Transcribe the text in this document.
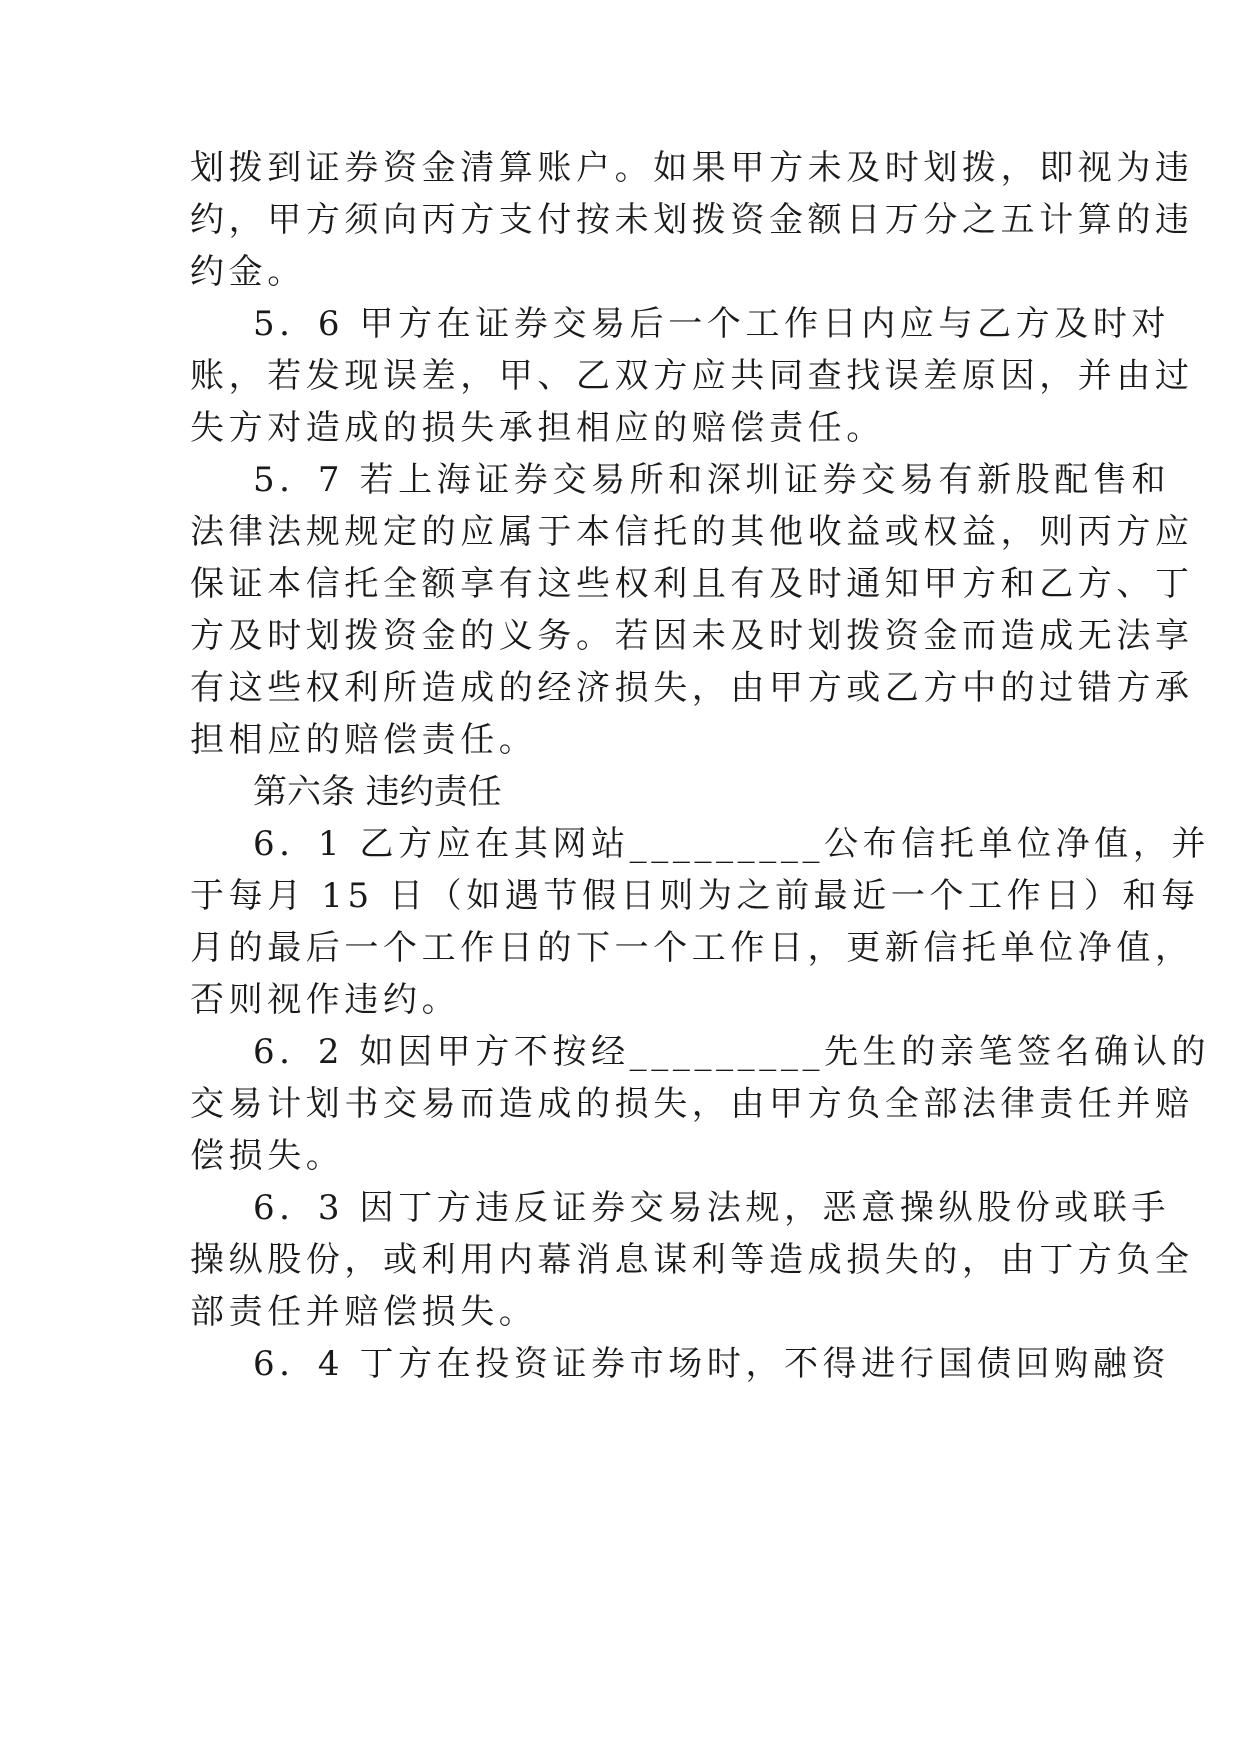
划拨到证券资金清算账户。如果甲方未及时划拨，即视为违
约，甲方须向丙方支付按未划拨资金额日万分之五计算的违
约金。
5．6 甲方在证券交易后一个工作日内应与乙方及时对
账，若发现误差，甲、乙双方应共同查找误差原因，并由过
失方对造成的损失承担相应的赔偿责任。
5．7 若上海证券交易所和深圳证券交易有新股配售和
法律法规规定的应属于本信托的其他收益或权益，则丙方应
保证本信托全额享有这些权利且有及时通知甲方和乙方、丁
方及时划拨资金的义务。若因未及时划拨资金而造成无法享
有这些权利所造成的经济损失，由甲方或乙方中的过错方承
担相应的赔偿责任。
第六条 违约责任
6．1 乙方应在其网站_________公布信托单位净值，并
于每月 15 日（如遇节假日则为之前最近一个工作日）和每
月的最后一个工作日的下一个工作日，更新信托单位净值，
否则视作违约。
6．2 如因甲方不按经_________先生的亲笔签名确认的
交易计划书交易而造成的损失，由甲方负全部法律责任并赔
偿损失。
6．3 因丁方违反证券交易法规，恶意操纵股份或联手
操纵股份，或利用内幕消息谋利等造成损失的，由丁方负全
部责任并赔偿损失。
6．4 丁方在投资证券市场时，不得进行国债回购融资
